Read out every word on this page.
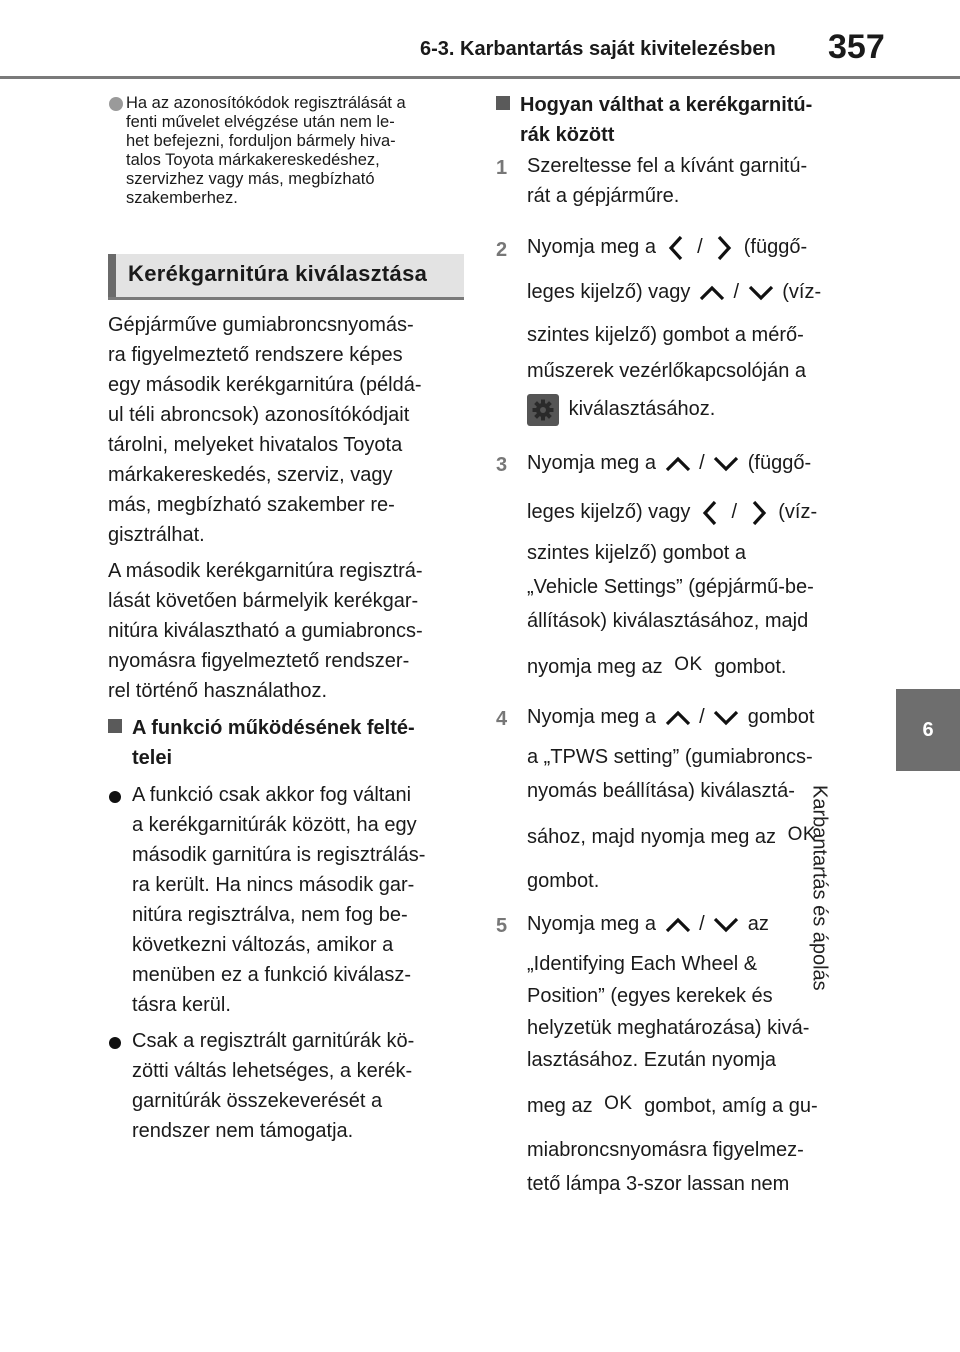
6-3. Karbantartás saját kivitelezésben 357
6
Karbantartás és ápolás
Ha az azonosítókódok regisztrálását a
fenti művelet elvégzése után nem le-
het befejezni, forduljon bármely hiva-
talos Toyota márkakereskedéshez,
szervizhez vagy más, megbízható
szakemberhez.
Kerékgarnitúra kiválasztása
Gépjárműve gumiabroncsnyomás-
ra figyelmeztető rendszere képes
egy második kerékgarnitúra (példá-
ul téli abroncsok) azonosítókódjait
tárolni, melyeket hivatalos Toyota
márkakereskedés, szerviz, vagy
más, megbízható szakember re-
gisztrálhat.
A második kerékgarnitúra regisztrá-
lását követően bármelyik kerékgar-
nitúra kiválasztható a gumiabroncs-
nyomásra figyelmeztető rendszer-
rel történő használathoz.
A funkció működésének felté-
telei
A funkció csak akkor fog váltani
a kerékgarnitúrák között, ha egy
második garnitúra is regisztrálás-
ra került. Ha nincs második gar-
nitúra regisztrálva, nem fog be-
következni változás, amikor a
menüben ez a funkció kiválasz-
tásra kerül.
Csak a regisztrált garnitúrák kö-
zötti váltás lehetséges, a kerék-
garnitúrák összekeverését a
rendszer nem támogatja.
Hogyan válthat a kerékgarnitú-
rák között
1 Szereltesse fel a kívánt garnitú-
rát a gépjárműre.
2 Nyomja meg a / (függő-
leges kijelző) vagy / (víz-
szintes kijelző) gombot a mérő-
műszerek vezérlőkapcsolóján a
kiválasztásához.
3 Nyomja meg a / (függő-
leges kijelző) vagy / (víz-
szintes kijelző) gombot a
„Vehicle Settings” (gépjármű-be-
állítások) kiválasztásához, majd
nyomja meg az OK gombot.
4 Nyomja meg a / gombot
a „TPWS setting” (gumiabroncs-
nyomás beállítása) kiválasztá-
sához, majd nyomja meg az OK
gombot.
5 Nyomja meg a / az
„Identifying Each Wheel &
Position” (egyes kerekek és
helyzetük meghatározása) kivá-
lasztásához. Ezután nyomja
meg az OK gombot, amíg a gu-
miabroncsnyomásra figyelmez-
tető lámpa 3-szor lassan nem
